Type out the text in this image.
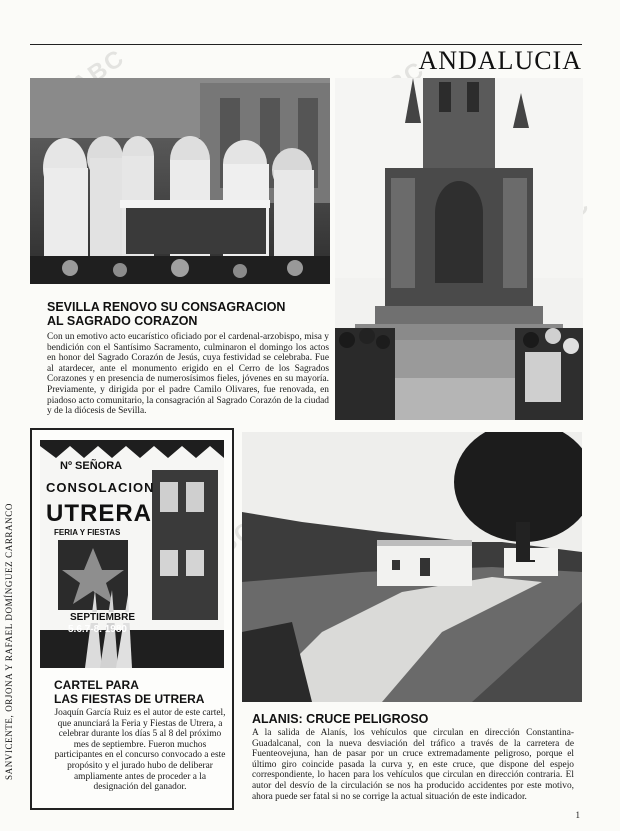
ANDALUCIA
1
ABC
SEVILLA RENOVO SU CONSAGRACION
AL SAGRADO CORAZON

Con un emotivo acto eucarístico oficiado por el cardenal-arzobispo, misa y bendición con el Santísimo Sacramento, culminaron el domingo los actos en honor del Sagrado Corazón de Jesús, cuya festividad se celebraba. Fue al atardecer, ante el monumento erigido en el Cerro de los Sagrados Corazones y en presencia de numerosísimos fieles, jóvenes en su mayoría. Previamente, y dirigida por el padre Camilo Olivares, fue renovada, en piadoso acto comunitario, la consagración al Sagrado Corazón de la ciudad y de la diócesis de Sevilla.

SANVICENTE, ORJONA Y RAFAEL DOMÍNGUEZ CARRANCO
Nº SEÑORA
CONSOLACION
UTRERA
FERIA Y FIESTAS
SEPTIEMBRE
5.6.7-8. 1980
CARTEL PARA
LAS FIESTAS DE UTRERA

Joaquín García Ruiz es el autor de este cartel, que anunciará la Feria y Fiestas de Utrera, a celebrar durante los días 5 al 8 del próximo mes de septiembre. Fueron muchos participantes en el concurso convocado a este propósito y el jurado hubo de deliberar ampliamente antes de proceder a la designación del ganador.

ALANIS: CRUCE PELIGROSO

A la salida de Alanís, los vehículos que circulan en dirección Constantina-Guadalcanal, con la nueva desviación del tráfico a través de la carretera de Fuenteovejuna, han de pasar por un cruce extremadamente peligroso, porque el último giro coincide pasada la curva y, en este cruce, que dispone del espejo correspondiente, lo hacen para los vehículos que circulan en dirección contraria. El autor del desvío de la circulación se nos ha producido accidentes por este motivo, ahora puede ser fatal si no se corrige la actual situación de este indicador.
